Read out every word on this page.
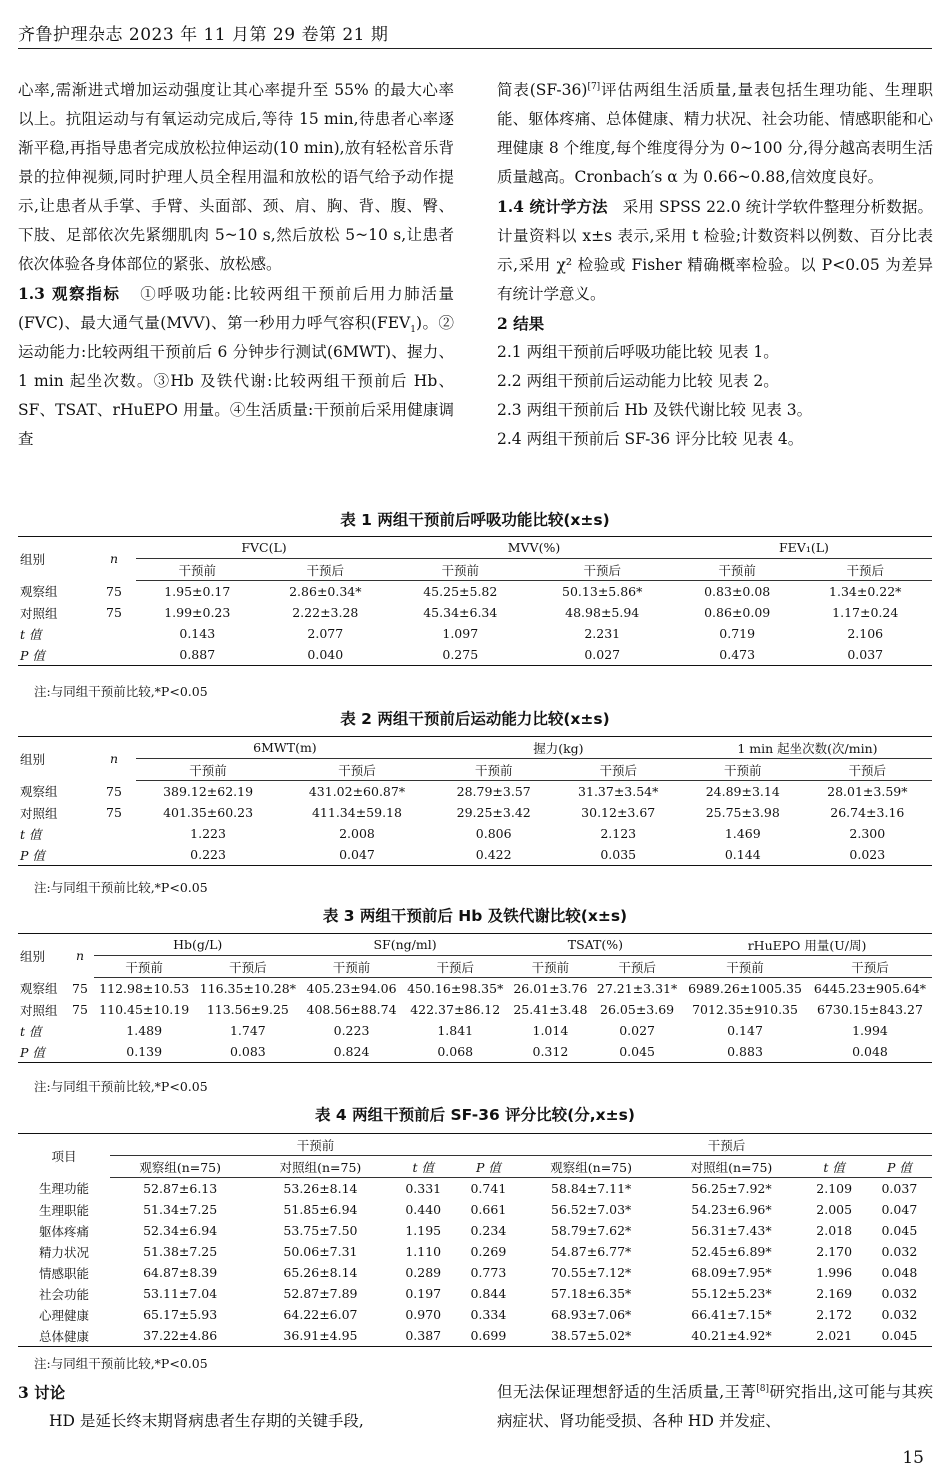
齐鲁护理杂志 2023 年 11 月第 29 卷第 21 期

心率,需渐进式增加运动强度让其心率提升至 55% 的最大心率以上。抗阻运动与有氧运动完成后,等待 15 min,待患者心率逐渐平稳,再指导患者完成放松拉伸运动(10 min),放有轻松音乐背景的拉伸视频,同时护理人员全程用温和放松的语气给予动作提示,让患者从手掌、手臂、头面部、颈、肩、胸、背、腹、臀、下肢、足部依次先紧绷肌肉 5~10 s,然后放松 5~10 s,让患者依次体验各身体部位的紧张、放松感。

1.3 观察指标 ①呼吸功能:比较两组干预前后用力肺活量(FVC)、最大通气量(MVV)、第一秒用力呼气容积$(FEV_1)$。②运动能力:比较两组干预前后 6 分钟步行测试(6MWT)、握力、1 min 起坐次数。③Hb 及铁代谢:比较两组干预前后 Hb、SF、TSAT、rHuEPO 用量。④生活质量:干预前后采用健康调查

简表(SF-36)[7]评估两组生活质量,量表包括生理功能、生理职能、躯体疼痛、总体健康、精力状况、社会功能、情感职能和心理健康 8 个维度,每个维度得分为 0~100 分,得分越高表明生活质量越高。Cronbach′s α 为 0.66~0.88,信效度良好。

1.4 统计学方法 采用 SPSS 22.0 统计学软件整理分析数据。计量资料以 x±s 表示,采用 t 检验;计数资料以例数、百分比表示,采用 χ² 检验或 Fisher 精确概率检验。以 P<0.05 为差异有统计学意义。

2 结果

2.1 两组干预前后呼吸功能比较 见表 1。

2.2 两组干预前后运动能力比较 见表 2。

2.3 两组干预前后 Hb 及铁代谢比较 见表 3。

2.4 两组干预前后 SF-36 评分比较 见表 4。

表 1 两组干预前后呼吸功能比较(x±s)
组别	n	FVC(L)		MVV(%)		FEV₁(L)	
		干预前	干预后	干预前	干预后	干预前	干预后
观察组	75	1.95±0.17	2.86±0.34*	45.25±5.82	50.13±5.86*	0.83±0.08	1.34±0.22*
对照组	75	1.99±0.23	2.22±3.28	45.34±6.34	48.98±5.94	0.86±0.09	1.17±0.24
t 值		0.143	2.077	1.097	2.231	0.719	2.106
P 值		0.887	0.040	0.275	0.027	0.473	0.037
注:与同组干预前比较,*P<0.05
表 2 两组干预前后运动能力比较(x±s)
组别	n	6MWT(m)		握力(kg)		1 min 起坐次数(次/min)	
		干预前	干预后	干预前	干预后	干预前	干预后
观察组	75	389.12±62.19	431.02±60.87*	28.79±3.57	31.37±3.54*	24.89±3.14	28.01±3.59*
对照组	75	401.35±60.23	411.34±59.18	29.25±3.42	30.12±3.67	25.75±3.98	26.74±3.16
t 值		1.223	2.008	0.806	2.123	1.469	2.300
P 值		0.223	0.047	0.422	0.035	0.144	0.023
注:与同组干预前比较,*P<0.05
表 3 两组干预前后 Hb 及铁代谢比较(x±s)
组别	n	Hb(g/L)		SF(ng/ml)		TSAT(%)		rHuEPO 用量(U/周)	
		干预前	干预后	干预前	干预后	干预前	干预后	干预前	干预后
观察组	75	112.98±10.53	116.35±10.28*	405.23±94.06	450.16±98.35*	26.01±3.76	27.21±3.31*	6989.26±1005.35	6445.23±905.64*
对照组	75	110.45±10.19	113.56±9.25	408.56±88.74	422.37±86.12	25.41±3.48	26.05±3.69	7012.35±910.35	6730.15±843.27
t 值		1.489	1.747	0.223	1.841	1.014	0.027	0.147	1.994
P 值		0.139	0.083	0.824	0.068	0.312	0.045	0.883	0.048
注:与同组干预前比较,*P<0.05
表 4 两组干预前后 SF-36 评分比较(分,x±s)
项目	干预前				干预后			
	观察组(n=75)	对照组(n=75)	t 值	P 值	观察组(n=75)	对照组(n=75)	t 值	P 值
生理功能	52.87±6.13	53.26±8.14	0.331	0.741	58.84±7.11*	56.25±7.92*	2.109	0.037
生理职能	51.34±7.25	51.85±6.94	0.440	0.661	56.52±7.03*	54.23±6.96*	2.005	0.047
躯体疼痛	52.34±6.94	53.75±7.50	1.195	0.234	58.79±7.62*	56.31±7.43*	2.018	0.045
精力状况	51.38±7.25	50.06±7.31	1.110	0.269	54.87±6.77*	52.45±6.89*	2.170	0.032
情感职能	64.87±8.39	65.26±8.14	0.289	0.773	70.55±7.12*	68.09±7.95*	1.996	0.048
社会功能	53.11±7.04	52.87±7.89	0.197	0.844	57.18±6.35*	55.12±5.23*	2.169	0.032
心理健康	65.17±5.93	64.22±6.07	0.970	0.334	68.93±7.06*	66.41±7.15*	2.172	0.032
总体健康	37.22±4.86	36.91±4.95	0.387	0.699	38.57±5.02*	40.21±4.92*	2.021	0.045
注:与同组干预前比较,*P<0.05
3 讨论
HD 是延长终末期肾病患者生存期的关键手段,
但无法保证理想舒适的生活质量,王菁[8]研究指出,这可能与其疾病症状、肾功能受损、各种 HD 并发症、
15
